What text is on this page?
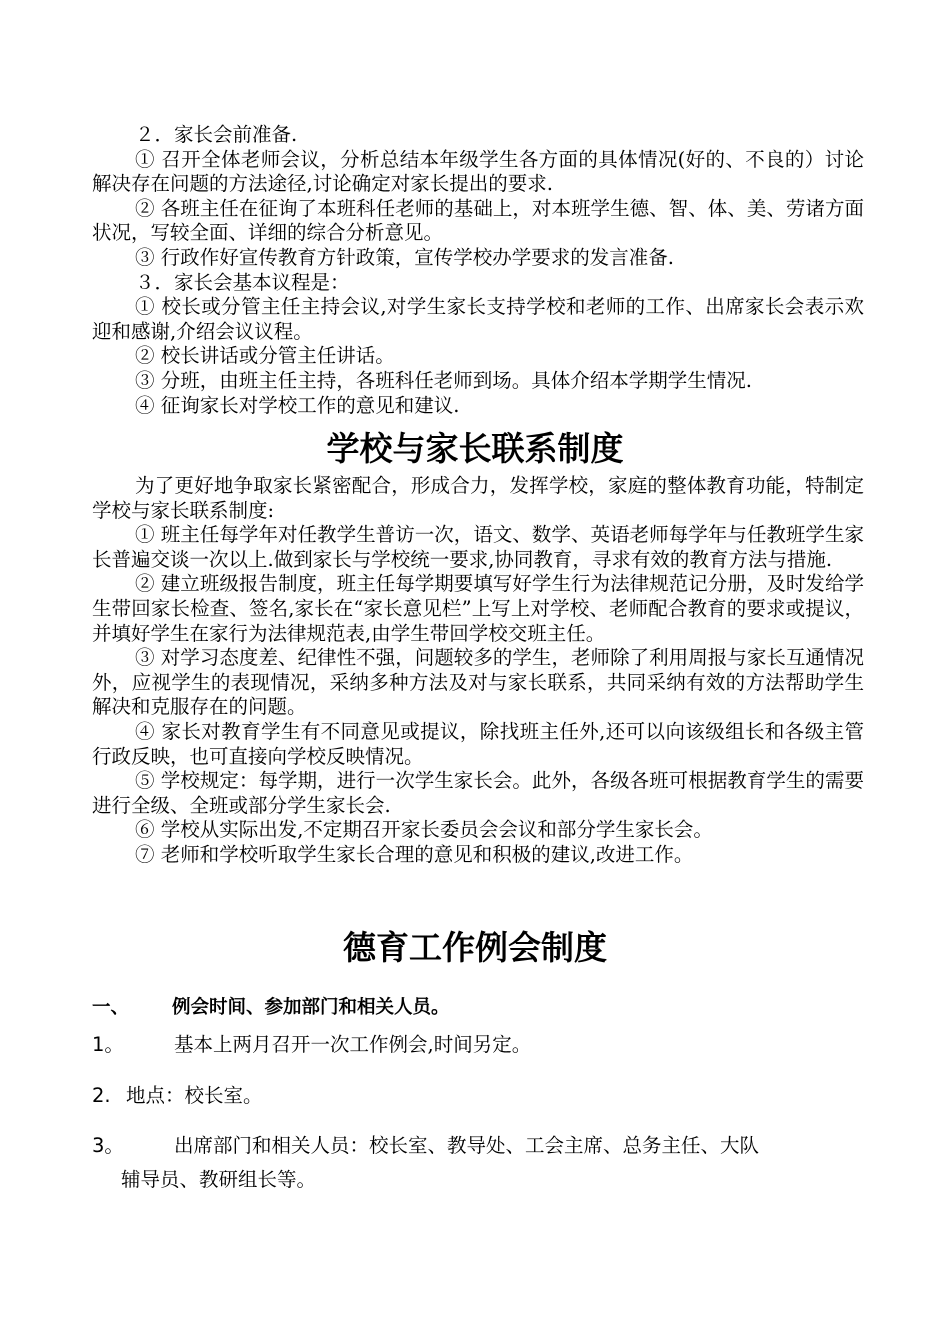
２．家长会前准备.

① 召开全体老师会议，分析总结本年级学生各方面的具体情况(好的、不良的）讨论解决存在问题的方法途径,讨论确定对家长提出的要求.

② 各班主任在征询了本班科任老师的基础上，对本班学生德、智、体、美、劳诸方面状况，写较全面、详细的综合分析意见。

③ 行政作好宣传教育方针政策，宣传学校办学要求的发言准备.

３．家长会基本议程是：

① 校长或分管主任主持会议,对学生家长支持学校和老师的工作、出席家长会表示欢迎和感谢,介绍会议议程。

② 校长讲话或分管主任讲话。

③ 分班，由班主任主持，各班科任老师到场。具体介绍本学期学生情况.

④ 征询家长对学校工作的意见和建议.

学校与家长联系制度

为了更好地争取家长紧密配合，形成合力，发挥学校，家庭的整体教育功能，特制定学校与家长联系制度:

① 班主任每学年对任教学生普访一次，语文、数学、英语老师每学年与任教班学生家长普遍交谈一次以上.做到家长与学校统一要求,协同教育，寻求有效的教育方法与措施.

② 建立班级报告制度，班主任每学期要填写好学生行为法律规范记分册，及时发给学生带回家长检查、签名,家长在“家长意见栏”上写上对学校、老师配合教育的要求或提议，并填好学生在家行为法律规范表,由学生带回学校交班主任。

③ 对学习态度差、纪律性不强，问题较多的学生，老师除了利用周报与家长互通情况外，应视学生的表现情况，采纳多种方法及对与家长联系，共同采纳有效的方法帮助学生解决和克服存在的问题。

④ 家长对教育学生有不同意见或提议，除找班主任外,还可以向该级组长和各级主管行政反映，也可直接向学校反映情况。

⑤ 学校规定：每学期，进行一次学生家长会。此外，各级各班可根据教育学生的需要进行全级、全班或部分学生家长会.

⑥ 学校从实际出发,不定期召开家长委员会会议和部分学生家长会。

⑦ 老师和学校听取学生家长合理的意见和积极的建议,改进工作。

德育工作例会制度
一、 例会时间、参加部门和相关人员。
1。	基本上两月召开一次工作例会,时间另定。
2. 地点：校长室。
3。	出席部门和相关人员：校长室、教导处、工会主席、总务主任、大队
辅导员、教研组长等。
